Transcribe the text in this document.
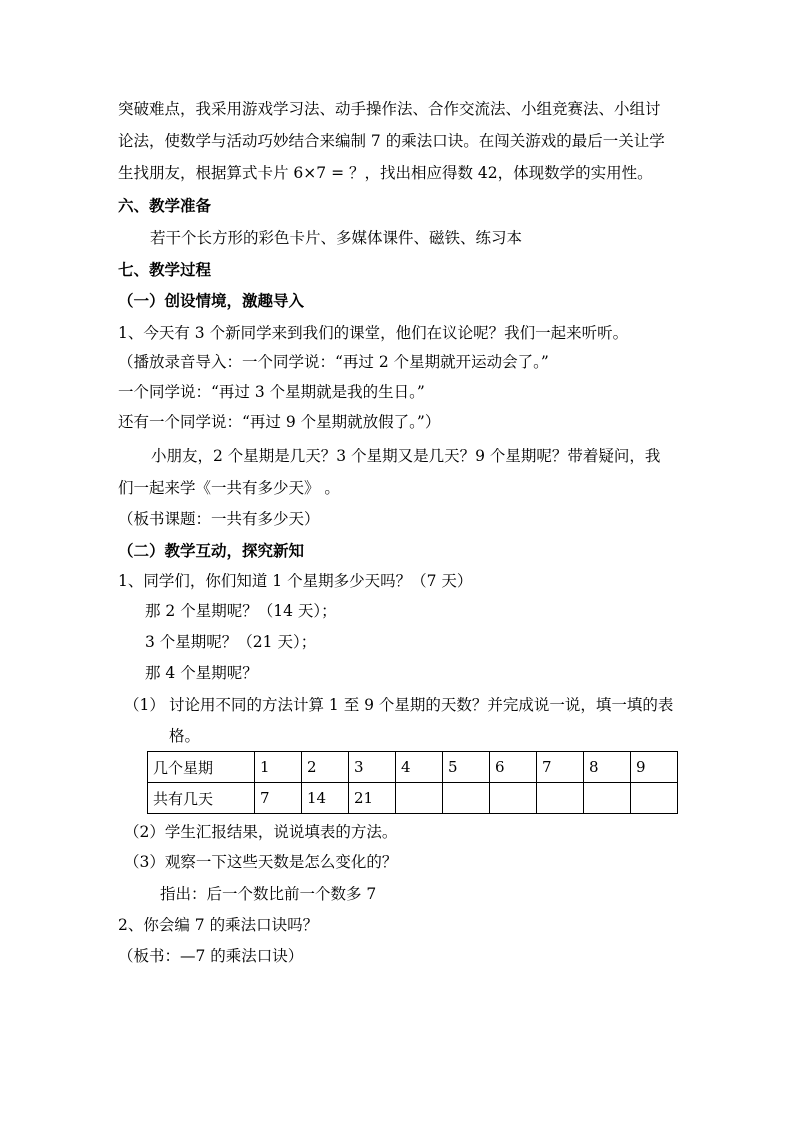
突破难点，我采用游戏学习法、动手操作法、合作交流法、小组竞赛法、小组讨
论法，使数学与活动巧妙结合来编制 7 的乘法口诀。在闯关游戏的最后一关让学
生找朋友，根据算式卡片 6×7 = ？，找出相应得数 42，体现数学的实用性。
六、教学准备
若干个长方形的彩色卡片、多媒体课件、磁铁、练习本
七、教学过程
（一）创设情境，激趣导入
1、今天有 3 个新同学来到我们的课堂，他们在议论呢？我们一起来听听。
（播放录音导入：一个同学说：“再过 2 个星期就开运动会了。”
一个同学说：“再过 3 个星期就是我的生日。”
还有一个同学说：“再过 9 个星期就放假了。”）
小朋友，2 个星期是几天？3 个星期又是几天？9 个星期呢？带着疑问，我
们一起来学《一共有多少天》 。
（板书课题：一共有多少天）
（二）教学互动，探究新知
1、同学们，你们知道 1 个星期多少天吗？（7 天）
那 2 个星期呢？（14 天）；
3 个星期呢？（21 天）；
那 4 个星期呢？
（1） 讨论用不同的方法计算 1 至 9 个星期的天数？并完成说一说，填一填的表
格。
几个星期	1	2	3	4	5	6	7	8	9
共有几天	7	14	21						
（2）学生汇报结果，说说填表的方法。
（3）观察一下这些天数是怎么变化的？
指出：后一个数比前一个数多 7
2、你会编 7 的乘法口诀吗？
（板书：—7 的乘法口诀）
